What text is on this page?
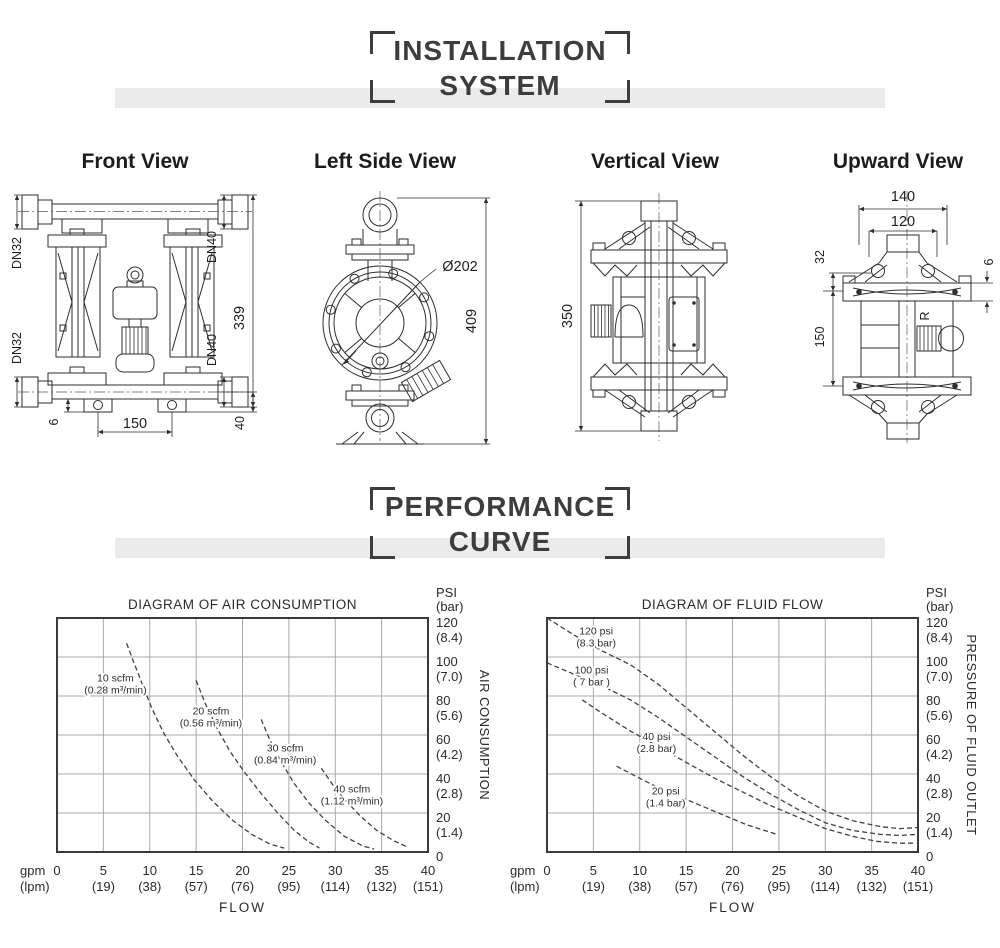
INSTALLATION
SYSTEM
Front View	Left Side View	Vertical View	Upward View
DN32
DN32
DN40
DN40
339
6	150	40
Ø202
409	350
140
120
32
150
6
R
PERFORMANCE
CURVE
10 scfm
(0.28 m³/min)
20 scfm
(0.56 m³/min)
30 scfm
(0.84 m³/min)
40 scfm
(1.12 m³/min)
DIAGRAM OF AIR CONSUMPTION
PSI
(bar)
120
(8.4)
100
(7.0)
80
(5.6)
60
(4.2)
40
(2.8)
20
(1.4)
0
0	5
(19)
10
(38)
15
(57)
20
(76)
25
(95)
30
(114)
35
(132)
40
(151)
gpm
(lpm)
FLOW
AIR CONSUMPTION
120 psi
(8.3 bar)
100 psi
( 7 bar )
40 psi
(2.8 bar)
20 psi
(1.4 bar)
DIAGRAM OF FLUID FLOW
PSI
(bar)
120
(8.4)
100
(7.0)
80
(5.6)
60
(4.2)
40
(2.8)
20
(1.4)
0
0	5
(19)
10
(38)
15
(57)
20
(76)
25
(95)
30
(114)
35
(132)
40
(151)
gpm
(lpm)
FLOW
PRESSURE OF FLUID OUTLET
